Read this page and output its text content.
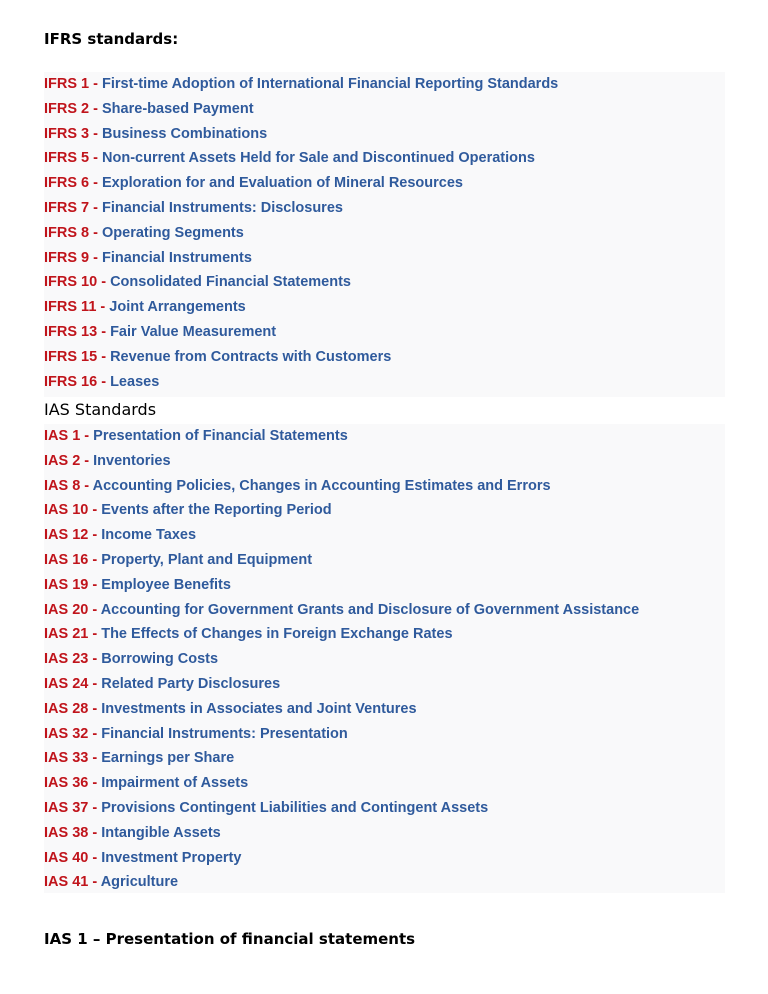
IFRS standards:
IFRS 1 - First-time Adoption of International Financial Reporting Standards
IFRS 2 - Share-based Payment
IFRS 3 - Business Combinations
IFRS 5 - Non-current Assets Held for Sale and Discontinued Operations
IFRS 6 - Exploration for and Evaluation of Mineral Resources
IFRS 7 - Financial Instruments: Disclosures
IFRS 8 - Operating Segments
IFRS 9 - Financial Instruments
IFRS 10 - Consolidated Financial Statements
IFRS 11 - Joint Arrangements
IFRS 13 - Fair Value Measurement
IFRS 15 - Revenue from Contracts with Customers
IFRS 16 - Leases
IAS Standards
IAS 1 - Presentation of Financial Statements
IAS 2 - Inventories
IAS 8 - Accounting Policies, Changes in Accounting Estimates and Errors
IAS 10 - Events after the Reporting Period
IAS 12 - Income Taxes
IAS 16 - Property, Plant and Equipment
IAS 19 - Employee Benefits
IAS 20 - Accounting for Government Grants and Disclosure of Government Assistance
IAS 21 - The Effects of Changes in Foreign Exchange Rates
IAS 23 - Borrowing Costs
IAS 24 - Related Party Disclosures
IAS 28 - Investments in Associates and Joint Ventures
IAS 32 - Financial Instruments: Presentation
IAS 33 - Earnings per Share
IAS 36 - Impairment of Assets
IAS 37 - Provisions Contingent Liabilities and Contingent Assets
IAS 38 - Intangible Assets
IAS 40 - Investment Property
IAS 41 - Agriculture
IAS 1 – Presentation of financial statements
